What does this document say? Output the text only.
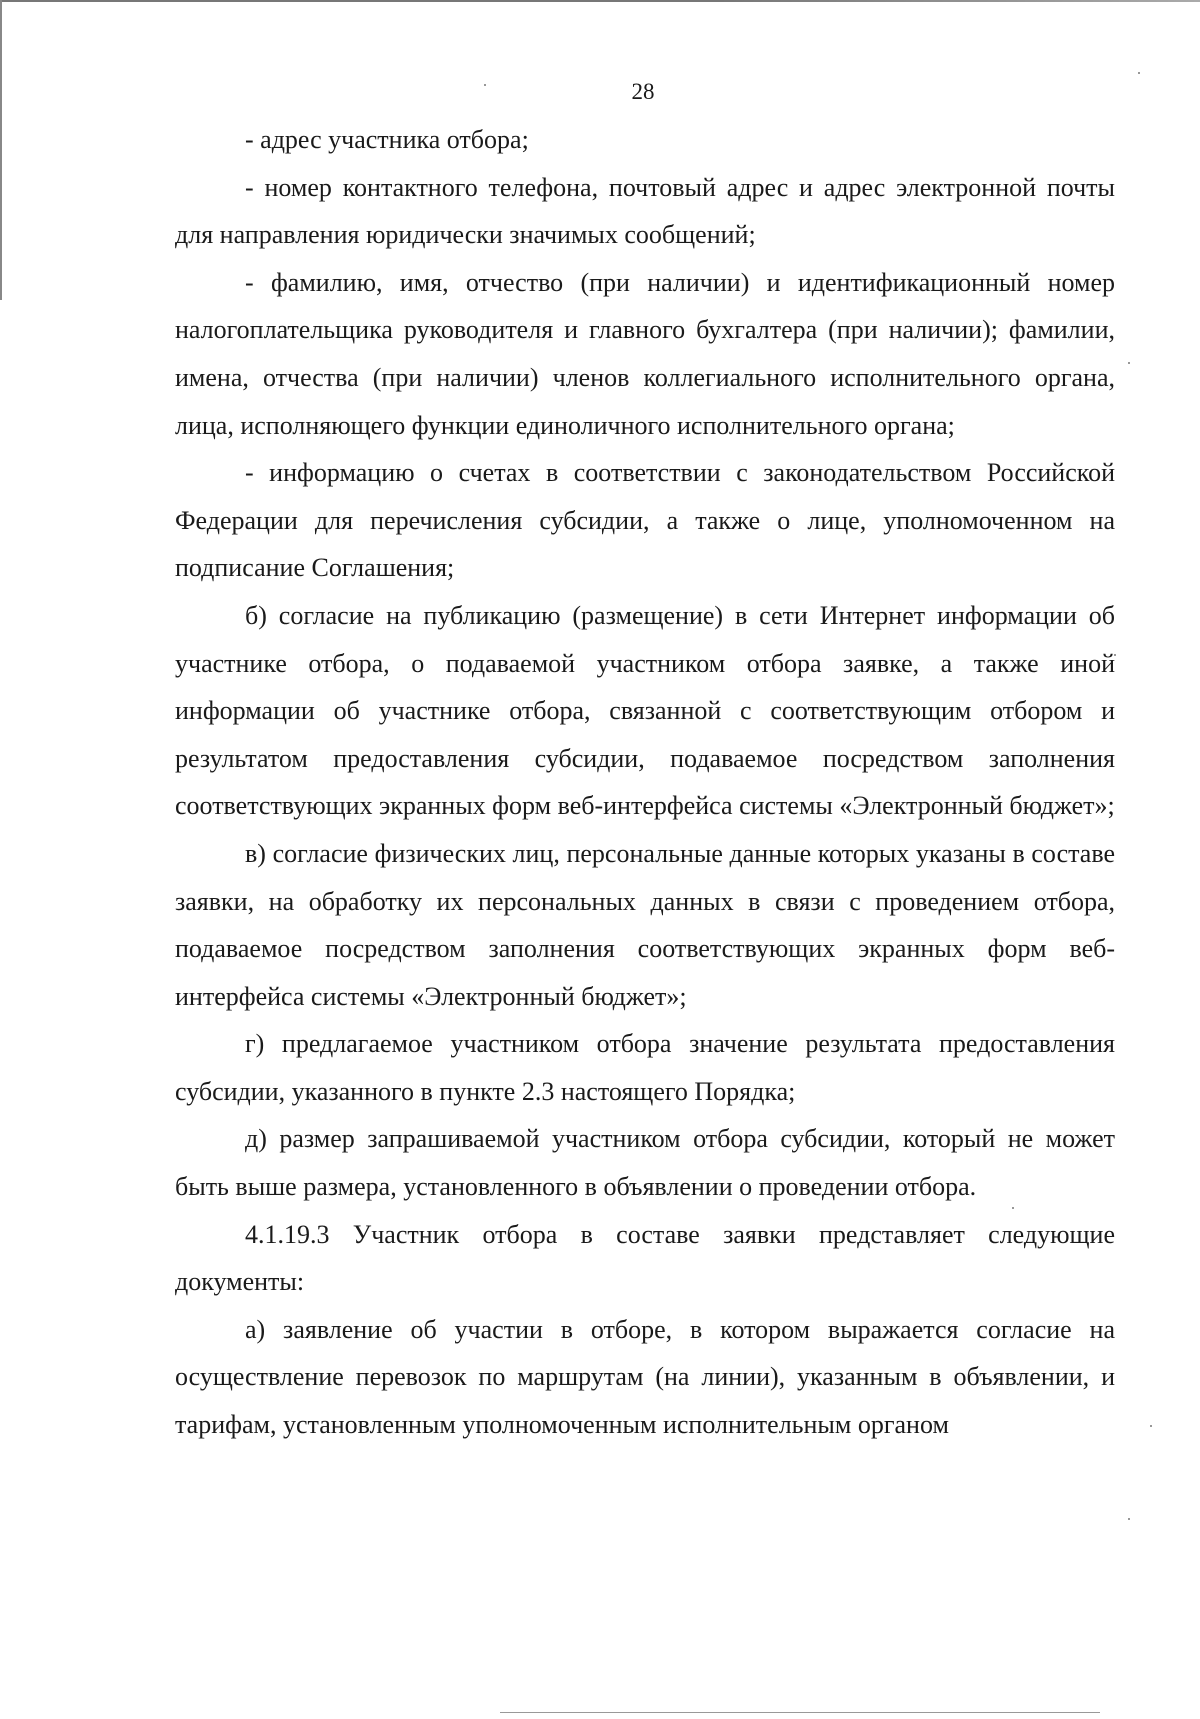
28

- адрес участника отбора;

- номер контактного телефона, почтовый адрес и адрес электронной почты для направления юридически значимых сообщений;

- фамилию, имя, отчество (при наличии) и идентификационный номер налогоплательщика руководителя и главного бухгалтера (при наличии); фамилии, имена, отчества (при наличии) членов коллегиального исполнительного органа, лица, исполняющего функции единоличного исполнительного органа;

- информацию о счетах в соответствии с законодательством Российской Федерации для перечисления субсидии, а также о лице, уполномоченном на подписание Соглашения;

б) согласие на публикацию (размещение) в сети Интернет информации об участнике отбора, о подаваемой участником отбора заявке, а также иной информации об участнике отбора, связанной с соответствующим отбором и результатом предоставления субсидии, подаваемое посредством заполнения соответствующих экранных форм веб-интерфейса системы «Электронный бюджет»;

в) согласие физических лиц, персональные данные которых указаны в составе заявки, на обработку их персональных данных в связи с проведением отбора, подаваемое посредством заполнения соответствующих экранных форм веб-интерфейса системы «Электронный бюджет»;

г) предлагаемое участником отбора значение результата предоставления субсидии, указанного в пункте 2.3 настоящего Порядка;

д) размер запрашиваемой участником отбора субсидии, который не может быть выше размера, установленного в объявлении о проведении отбора.

4.1.19.3 Участник отбора в составе заявки представляет следующие документы:

а) заявление об участии в отборе, в котором выражается согласие на осуществление перевозок по маршрутам (на линии), указанным в объявлении, и тарифам, установленным уполномоченным исполнительным органом
